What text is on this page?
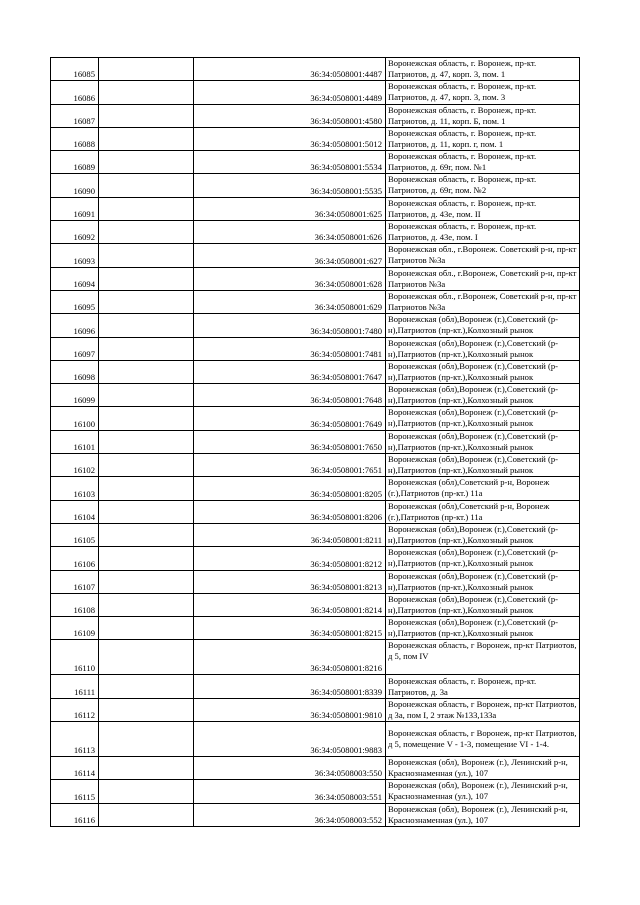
16085		36:34:0508001:4487	Воронежская область, г. Воронеж, пр-кт. Патриотов, д. 47, корп. 3, пом. 1
16086		36:34:0508001:4489	Воронежская область, г. Воронеж, пр-кт. Патриотов, д. 47, корп. 3, пом. 3
16087		36:34:0508001:4580	Воронежская область, г. Воронеж, пр-кт. Патриотов, д. 11, корп. Б, пом. 1
16088		36:34:0508001:5012	Воронежская область, г. Воронеж, пр-кт. Патриотов, д. 11, корп. г, пом. 1
16089		36:34:0508001:5534	Воронежская область, г. Воронеж, пр-кт. Патриотов, д. 69г, пом. №1
16090		36:34:0508001:5535	Воронежская область, г. Воронеж, пр-кт. Патриотов, д. 69г, пом. №2
16091		36:34:0508001:625	Воронежская область, г. Воронеж, пр-кт. Патриотов, д. 43е, пом. II
16092		36:34:0508001:626	Воронежская область, г. Воронеж, пр-кт. Патриотов, д. 43е, пом. I
16093		36:34:0508001:627	Воронежская обл., г.Воронеж. Советский р-н, пр-кт Патриотов №3а
16094		36:34:0508001:628	Воронежская обл., г.Воронеж, Советский р-н, пр-кт Патриотов №3а
16095		36:34:0508001:629	Воронежская обл., г.Воронеж, Советский р-н, пр-кт Патриотов №3а
16096		36:34:0508001:7480	Воронежская (обл),Воронеж (г.),Советский (р-н),Патриотов (пр-кт.),Колхозный рынок
16097		36:34:0508001:7481	Воронежская (обл),Воронеж (г.),Советский (р-н),Патриотов (пр-кт.),Колхозный рынок
16098		36:34:0508001:7647	Воронежская (обл),Воронеж (г.),Советский (р-н),Патриотов (пр-кт.),Колхозный рынок
16099		36:34:0508001:7648	Воронежская (обл),Воронеж (г.),Советский (р-н),Патриотов (пр-кт.),Колхозный рынок
16100		36:34:0508001:7649	Воронежская (обл),Воронеж (г.),Советский (р-н),Патриотов (пр-кт.),Колхозный рынок
16101		36:34:0508001:7650	Воронежская (обл),Воронеж (г.),Советский (р-н),Патриотов (пр-кт.),Колхозный рынок
16102		36:34:0508001:7651	Воронежская (обл),Воронеж (г.),Советский (р-н),Патриотов (пр-кт.),Колхозный рынок
16103		36:34:0508001:8205	Воронежская (обл),Советский р-н, Воронеж (г.),Патриотов (пр-кт.) 11а
16104		36:34:0508001:8206	Воронежская (обл),Советский р-н, Воронеж (г.),Патриотов (пр-кт.) 11а
16105		36:34:0508001:8211	Воронежская (обл),Воронеж (г.),Советский (р-н),Патриотов (пр-кт.),Колхозный рынок
16106		36:34:0508001:8212	Воронежская (обл),Воронеж (г.),Советский (р-н),Патриотов (пр-кт.),Колхозный рынок
16107		36:34:0508001:8213	Воронежская (обл),Воронеж (г.),Советский (р-н),Патриотов (пр-кт.),Колхозный рынок
16108		36:34:0508001:8214	Воронежская (обл),Воронеж (г.),Советский (р-н),Патриотов (пр-кт.),Колхозный рынок
16109		36:34:0508001:8215	Воронежская (обл),Воронеж (г.),Советский (р-н),Патриотов (пр-кт.),Колхозный рынок
16110		36:34:0508001:8216	Воронежская область, г Воронеж, пр-кт Патриотов, д 5, пом IV
16111		36:34:0508001:8339	Воронежская область, г. Воронеж, пр-кт. Патриотов, д. 3а
16112		36:34:0508001:9810	Воронежская область, г Воронеж, пр-кт Патриотов, д 3а, пом I, 2 этаж №133,133а
16113		36:34:0508001:9883	Воронежская область, г Воронеж, пр-кт Патриотов, д 5, помещение V - 1-3, помещение VI - 1-4.
16114		36:34:0508003:550	Воронежская (обл), Воронеж (г.), Ленинский р-н, Краснознаменная (ул.), 107
16115		36:34:0508003:551	Воронежская (обл), Воронеж (г.), Ленинский р-н, Краснознаменная (ул.), 107
16116		36:34:0508003:552	Воронежская (обл), Воронеж (г.), Ленинский р-н, Краснознаменная (ул.), 107
